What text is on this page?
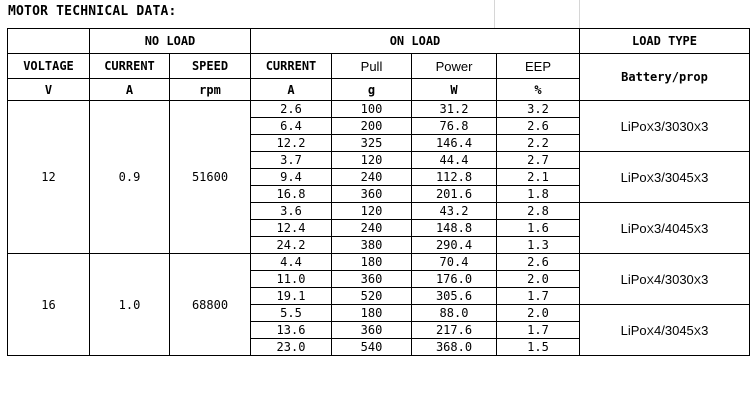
MOTOR TECHNICAL DATA:
	NO LOAD		ON LOAD				LOAD TYPE
VOLTAGE	CURRENT	SPEED	CURRENT	Pull	Power	EEP	Battery/prop
V	A	rpm	A	g	W	%	
12	0.9	51600	2.6	100	31.2	3.2	LiPoX3/3030X3
			6.4	200	76.8	2.6	
			12.2	325	146.4	2.2	
			3.7	120	44.4	2.7	LiPoX3/3045X3
			9.4	240	112.8	2.1	
			16.8	360	201.6	1.8	
			3.6	120	43.2	2.8	LiPoX3/4045X3
			12.4	240	148.8	1.6	
			24.2	380	290.4	1.3	
16	1.0	68800	4.4	180	70.4	2.6	LiPoX4/3030X3
			11.0	360	176.0	2.0	
			19.1	520	305.6	1.7	
			5.5	180	88.0	2.0	LiPoX4/3045X3
			13.6	360	217.6	1.7	
			23.0	540	368.0	1.5	
